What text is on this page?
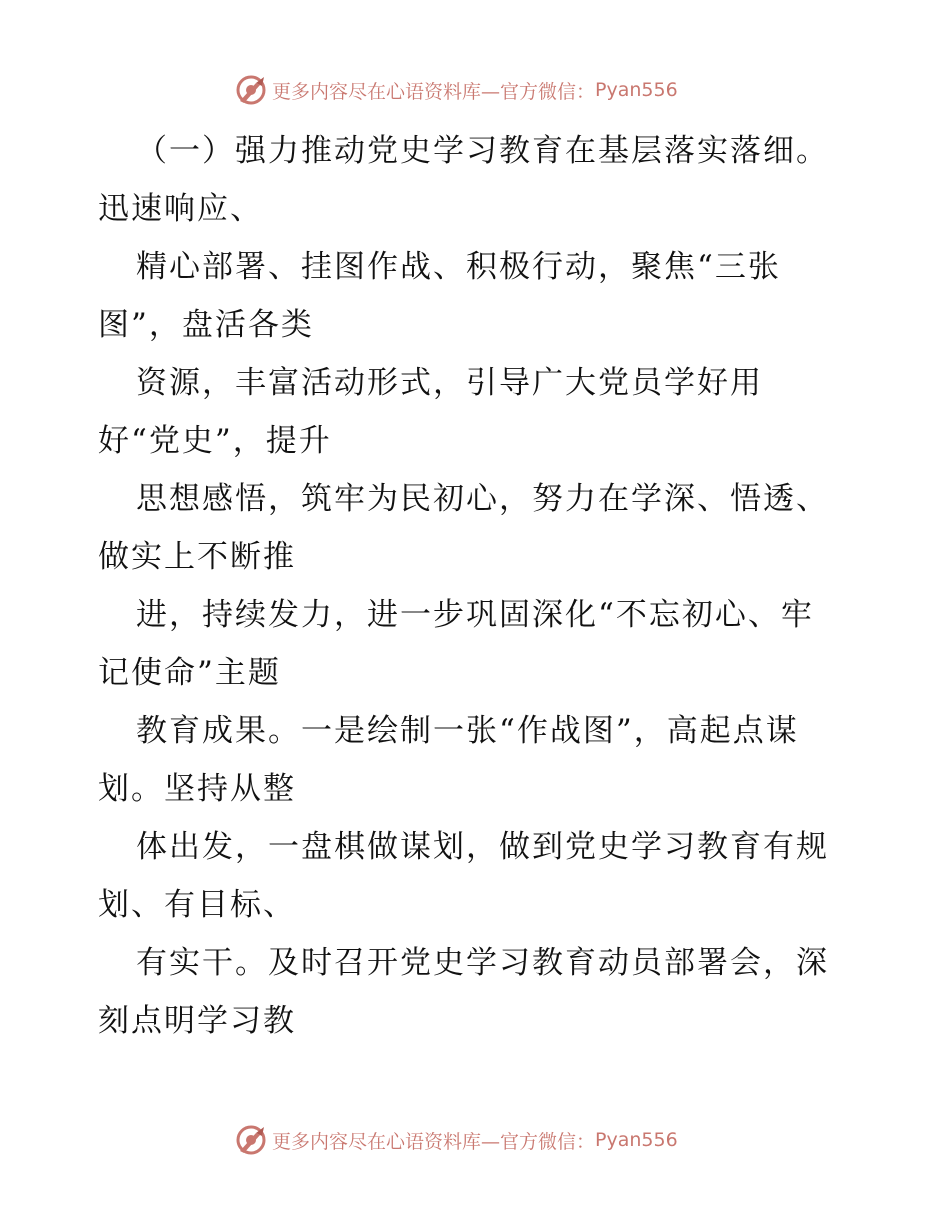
更多内容尽在心语资料库—官方微信： Pyan556

（一）强力推动党史学习教育在基层落实落细。
迅速响应、
精心部署、挂图作战、积极行动，聚焦“三张
图”，盘活各类
资源，丰富活动形式，引导广大党员学好用
好“党史”，提升
思想感悟，筑牢为民初心，努力在学深、悟透、
做实上不断推
进，持续发力，进一步巩固深化“不忘初心、牢
记使命”主题
教育成果。一是绘制一张“作战图”，高起点谋
划。坚持从整
体出发，一盘棋做谋划，做到党史学习教育有规
划、有目标、
有实干。及时召开党史学习教育动员部署会，深
刻点明学习教

更多内容尽在心语资料库—官方微信： Pyan556
